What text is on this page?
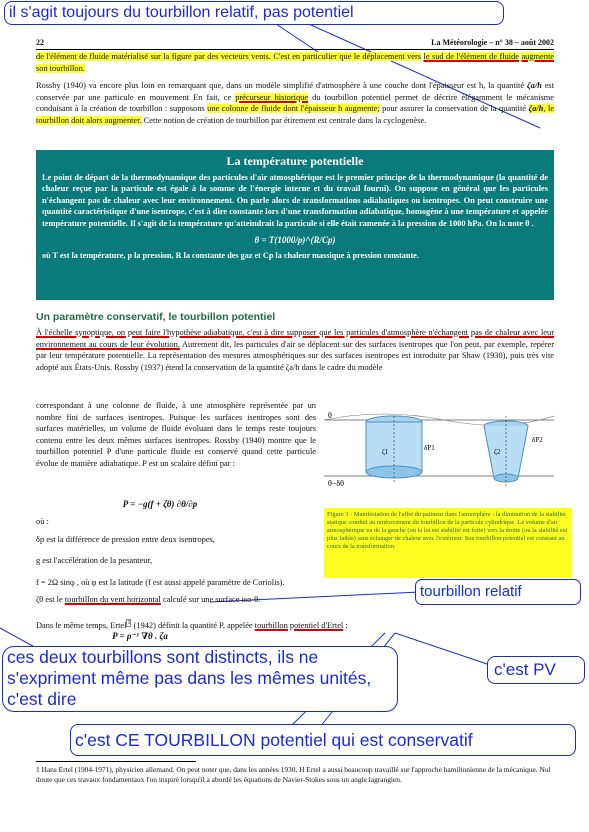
il s'agit toujours du tourbillon relatif, pas potentiel
22	La Météorologie – n° 38 – août 2002
de l'élément de fluide matérialisé sur la figure par des vecteurs vents. C'est en particulier que le déplacement vers le sud de l'élément de fluide augmente son tourbillon.
Rossby (1940) va encore plus loin en remarquant que, dans un modèle simplifié d'atmosphère à une couche dont l'épaisseur est h, la quantité ζa/h est conservée par une particule en mouvement En fait, ce précurseur historique du tourbillon potentiel permet de décrire élégamment le mécanisme conduisant à la création de tourbillon : supposons une colonne de fluide dont l'épaisseur h augmente; pour assurer la conservation de la quantité ζa/h, le tourbillon doit alors augmenter. Cette notion de création de tourbillon par étirement est centrale dans la cyclogenèse.
La température potentielle

Le point de départ de la thermodynamique des particules d'air atmosphérique est le premier principe de la thermodynamique (la quantité de chaleur reçue par la particule est égale à la somme de l'énergie interne et du travail fourni). On suppose en général que les particules n'échangent pas de chaleur avec leur environnement. On parle alors de transformations adiabatiques ou isentropes. On peut construire une quantité caractéristique d'une isentrope, c'est à dire constante lors d'une transformation adiabatique, homogène à une température et appelée température potentielle. Il s'agit de la température qu'atteindrait la particule si elle était ramenée à la pression de 1000 hPa. On la note θ .

θ = T(1000/p)^(R/Cp)
où T est la température, p la pression, R la constante des gaz et Cp la chaleur massique à pression constante.
Un paramètre conservatif, le tourbillon potentiel
À l'échelle synoptique, on peut faire l'hypothèse adiabatique, c'est à dire supposer que les particules d'atmosphère n'échangent pas de chaleur avec leur environnement au cours de leur évolution. Autrement dit, les particules d'air se déplacent sur des surfaces isentropes que l'on peut, par exemple, repérer par leur température potentielle. La représentation des mesures atmosphériques sur des surfaces isentropes est introduite par Shaw (1930), puis très vite adopté aux États-Unis. Rossby (1937) étend la conservation de la quantité ζa/h dans le cadre du modèle
correspondant à une colonne de fluide, à une atmosphère représentée par un nombre fini de surfaces isentropes. Puisque les surfaces isentropes sont des surfaces matérielles, un volume de fluide évoluant dans le temps reste toujours contenu entre les deux mêmes surfaces isentropes. Rossby (1940) montre que le tourbillon potentiel P d'une particule fluide est conservé quand cette particule évolue de manière adiabatique. P est un scalaire défini par :
P = −g(f + ζθ) ∂θ/∂p
où :
δp est la différence de pression entre deux isentropes,
g est l'accélération de la pesanteur,
f = 2Ω sinφ , où φ est la latitude (f est aussi appelé paramètre de Coriolis).
ζθ est le tourbillon du vent horizontal calculé sur une surface iso-θ.
Dans le même temps, Ertel$^1$ (1942) définit la quantité P, appelée tourbillon potentiel d'Ertel :
P = ρ⁻¹ ∇θ . ζa
θ
θ−δθ
δP1
δP2
ζ1	ζ2
Figure 3 - Manifestation de l'effet du patineur dans l'atmosphère : la diminution de la stabilité statique conduit au renforcement du tourbillon de la particule cylindrique. Le volume d'air atmosphérique va de la gauche (où la lot est stabilité est forte) vers la droite (ou la stabilité est plus faible) sans échanger de chaleur avec l'extérieur. Son tourbillon potentiel est constant au cours de la transformation.
tourbillon relatif
ces deux tourbillons sont distincts, ils ne s'expriment même pas dans les mêmes unités, c'est dire
c'est PV
c'est CE TOURBILLON potentiel qui est conservatif
1 Hans Ertel (1904-1971), physicien allemand. On peut noter que, dans les années 1930, H Ertel a aussi beaucoup travaillé sur l'approche hamiltonienne de la mécanique. Nul doute que ces travaux fondamentaux l'on inspiré lorsqu'il a abordé les équations de Navier-Stokes sous un angle lagrangien.
